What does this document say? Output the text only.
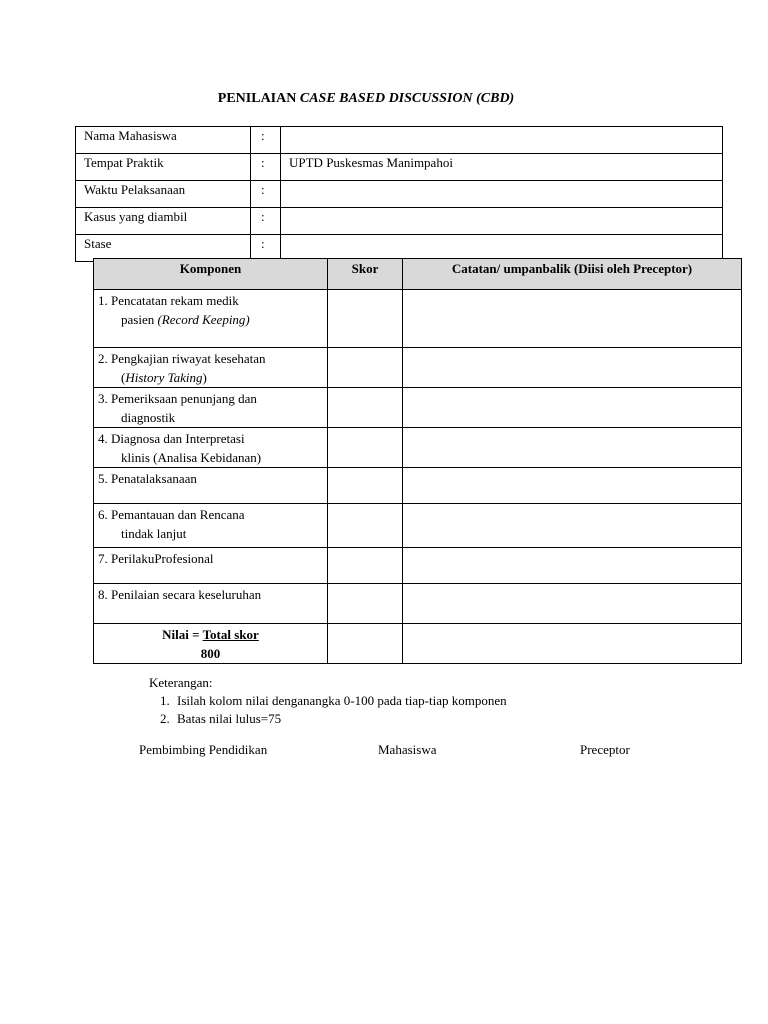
PENILAIAN CASE BASED DISCUSSION (CBD)
Nama Mahasiswa	:	
Tempat Praktik	:	UPTD Puskesmas Manimpahoi
Waktu Pelaksanaan	:	
Kasus yang diambil	:	
Stase	:	
Komponen	Skor	Catatan/ umpanbalik (Diisi oleh Preceptor)
1. Pencatatan rekam medik
pasien (Record Keeping)		

2. Pengkajian riwayat kesehatan
(History Taking)		

3. Pemeriksaan penunjang dan
diagnostik		

4. Diagnosa dan Interpretasi
klinis (Analisa Kebidanan)		

5. Penatalaksanaan		
6. Pemantauan dan Rencana
tindak lanjut		

7. PerilakuProfesional		
8. Penilaian secara keseluruhan		
Nilai = Total skor
800		
Keterangan:
1. Isilah kolom nilai denganangka 0-100 pada tiap-tiap komponen
2. Batas nilai lulus=75
Pembimbing Pendidikan	Mahasiswa	Preceptor
